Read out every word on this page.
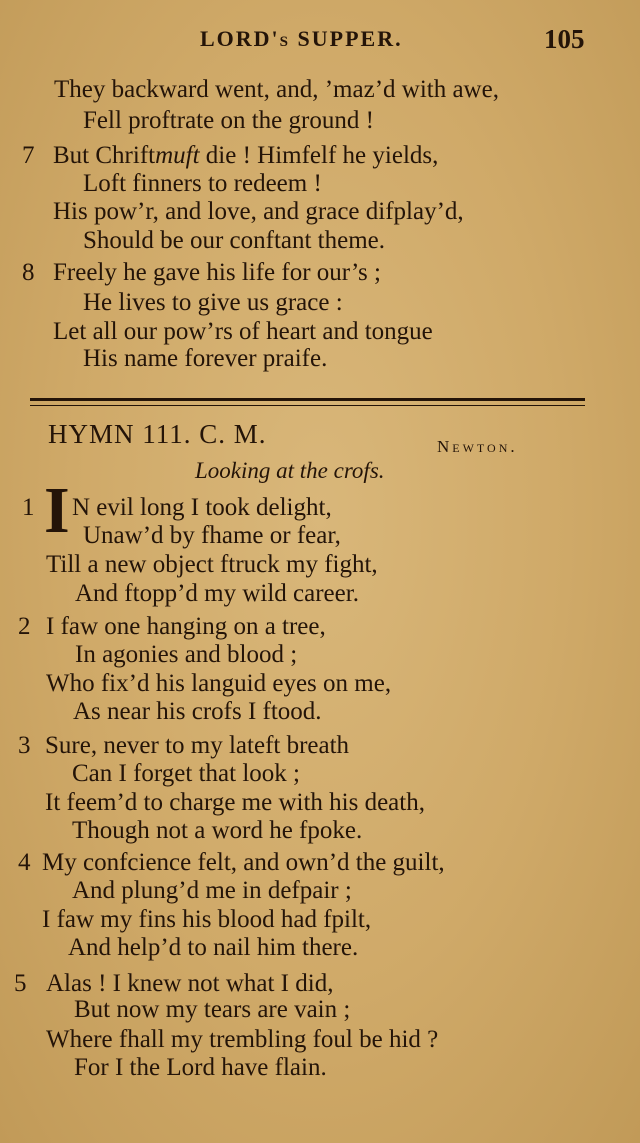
LORD's SUPPER.	105
They backward went, and, ’maz’d with awe,
Fell proftrate on the ground !
7 But Chriftmuft die ! Himfelf he yields,
Loft finners to redeem !
His pow’r, and love, and grace difplay’d,
Should be our conftant theme.
8 Freely he gave his life for our’s ;
He lives to give us grace :
Let all our pow’rs of heart and tongue
His name forever praife.
HYMN 111. C. M.	Newton.
Looking at the crofs.
1 I N evil long I took delight,
Unaw’d by fhame or fear,
Till a new object ftruck my fight,
And ftopp’d my wild career.
2 I faw one hanging on a tree,
In agonies and blood ;
Who fix’d his languid eyes on me,
As near his crofs I ftood.
3 Sure, never to my lateft breath
Can I forget that look ;
It feem’d to charge me with his death,
Though not a word he fpoke.
4 My confcience felt, and own’d the guilt,
And plung’d me in defpair ;
I faw my fins his blood had fpilt,
And help’d to nail him there.
5 Alas ! I knew not what I did,
But now my tears are vain ;
Where fhall my trembling foul be hid ?
For I the Lord have flain.
